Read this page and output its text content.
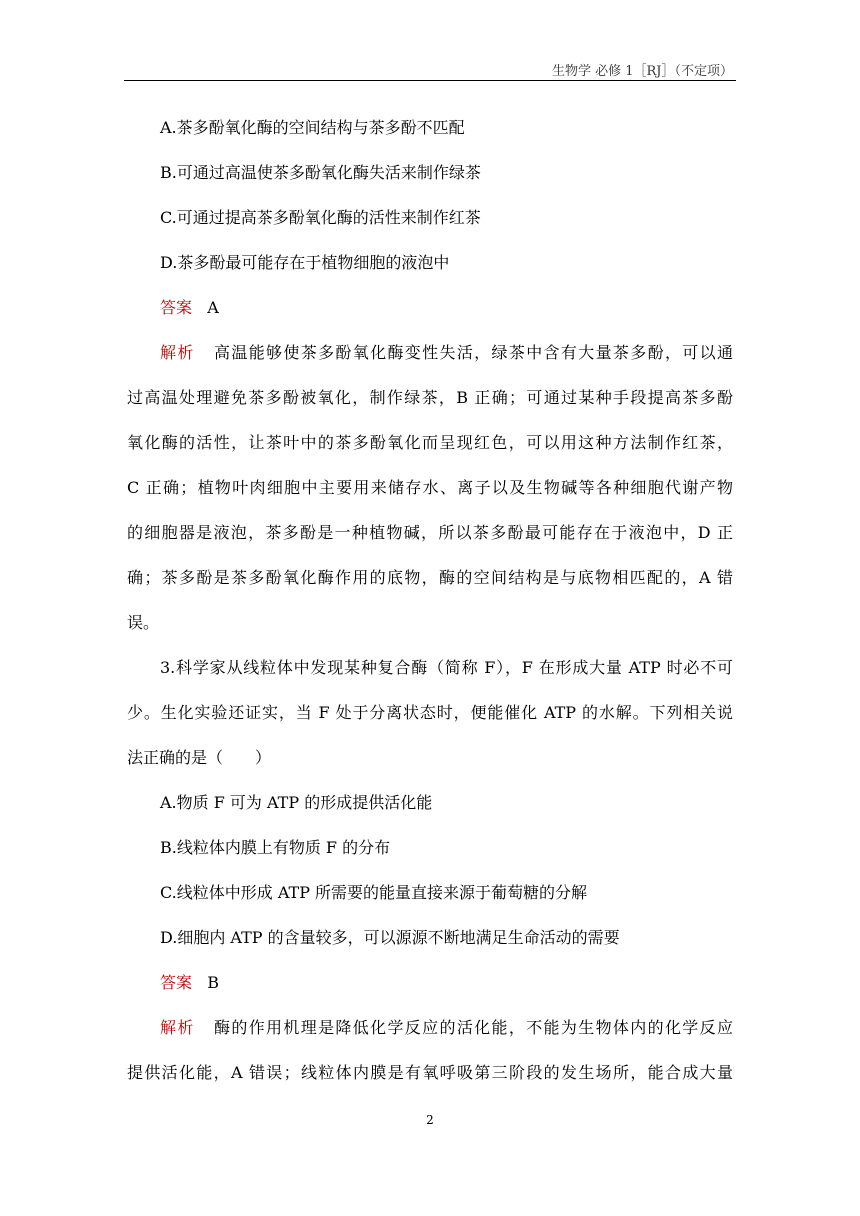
生物学 必修 1［RJ］（不定项）
A.茶多酚氧化酶的空间结构与茶多酚不匹配
B.可通过高温使茶多酚氧化酶失活来制作绿茶
C.可通过提高茶多酚氧化酶的活性来制作红茶
D.茶多酚最可能存在于植物细胞的液泡中
答案 A
解析 高温能够使茶多酚氧化酶变性失活，绿茶中含有大量茶多酚，可以通
过高温处理避免茶多酚被氧化，制作绿茶，B 正确；可通过某种手段提高茶多酚
氧化酶的活性，让茶叶中的茶多酚氧化而呈现红色，可以用这种方法制作红茶，
C 正确；植物叶肉细胞中主要用来储存水、离子以及生物碱等各种细胞代谢产物
的细胞器是液泡，茶多酚是一种植物碱，所以茶多酚最可能存在于液泡中，D 正
确；茶多酚是茶多酚氧化酶作用的底物，酶的空间结构是与底物相匹配的，A 错
误。
3.科学家从线粒体中发现某种复合酶（简称 F），F 在形成大量 ATP 时必不可
少。生化实验还证实，当 F 处于分离状态时，便能催化 ATP 的水解。下列相关说
法正确的是（　　）
A.物质 F 可为 ATP 的形成提供活化能
B.线粒体内膜上有物质 F 的分布
C.线粒体中形成 ATP 所需要的能量直接来源于葡萄糖的分解
D.细胞内 ATP 的含量较多，可以源源不断地满足生命活动的需要
答案 B
解析 酶的作用机理是降低化学反应的活化能，不能为生物体内的化学反应
提供活化能，A 错误；线粒体内膜是有氧呼吸第三阶段的发生场所，能合成大量
2
